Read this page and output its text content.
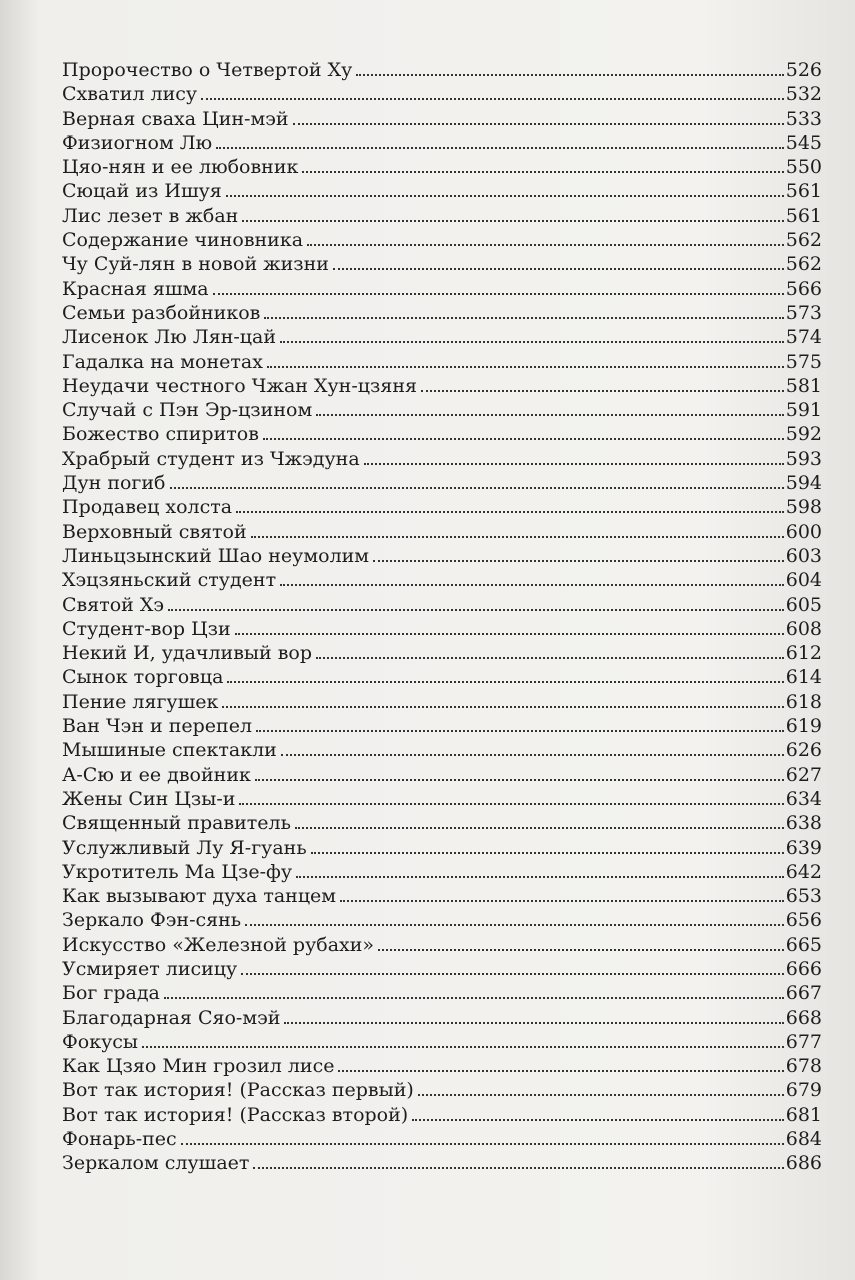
Пророчество о Четвертой Ху	526
Схватил лису	532
Верная сваха Цин-мэй	533
Физиогном Лю	545
Цяо-нян и ее любовник	550
Сюцай из Ишуя	561
Лис лезет в жбан	561
Содержание чиновника	562
Чу Суй-лян в новой жизни	562
Красная яшма	566
Семьи разбойников	573
Лисенок Лю Лян-цай	574
Гадалка на монетах	575
Неудачи честного Чжан Хун-цзяня	581
Случай с Пэн Эр-цзином	591
Божество спиритов	592
Храбрый студент из Чжэдуна	593
Дун погиб	594
Продавец холста	598
Верховный святой	600
Линьцзынский Шао неумолим	603
Хэцзяньский студент	604
Святой Хэ	605
Студент-вор Цзи	608
Некий И, удачливый вор	612
Сынок торговца	614
Пение лягушек	618
Ван Чэн и перепел	619
Мышиные спектакли	626
А-Сю и ее двойник	627
Жены Син Цзы-и	634
Священный правитель	638
Услужливый Лу Я-гуань	639
Укротитель Ма Цзе-фу	642
Как вызывают духа танцем	653
Зеркало Фэн-сянь	656
Искусство «Железной рубахи»	665
Усмиряет лисицу	666
Бог града	667
Благодарная Сяо-мэй	668
Фокусы	677
Как Цзяо Мин грозил лисе	678
Вот так история! (Рассказ первый)	679
Вот так история! (Рассказ второй)	681
Фонарь-пес	684
Зеркалом слушает	686
